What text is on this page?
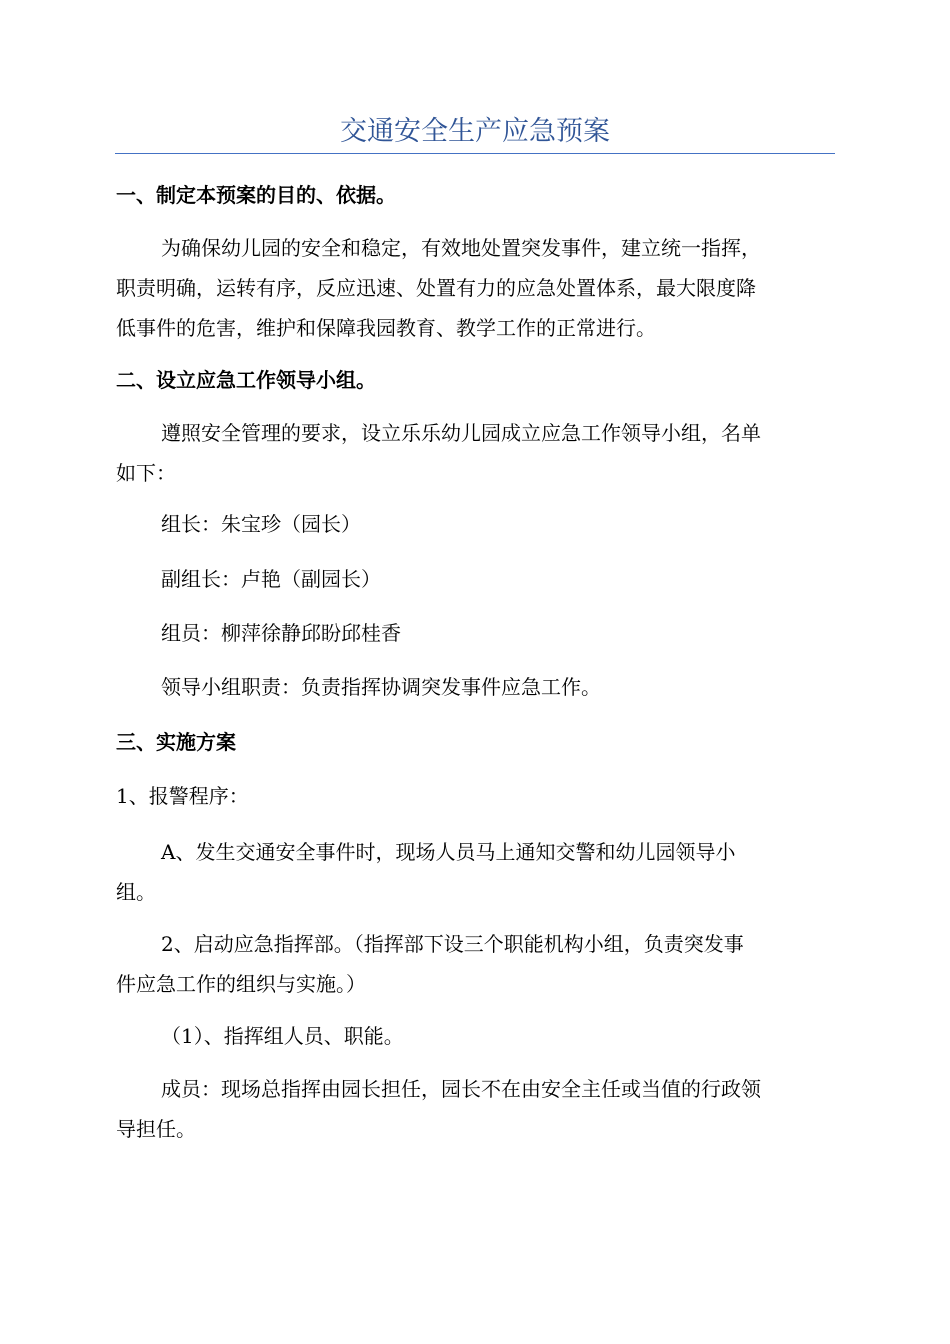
交通安全生产应急预案
一、制定本预案的目的、依据。
为确保幼儿园的安全和稳定，有效地处置突发事件，建立统一指挥，
职责明确，运转有序，反应迅速、处置有力的应急处置体系，最大限度降
低事件的危害，维护和保障我园教育、教学工作的正常进行。
二、设立应急工作领导小组。
遵照安全管理的要求，设立乐乐幼儿园成立应急工作领导小组，名单
如下：
组长：朱宝珍（园长）
副组长：卢艳（副园长）
组员：柳萍徐静邱盼邱桂香
领导小组职责：负责指挥协调突发事件应急工作。
三、实施方案
1、报警程序：
A、发生交通安全事件时，现场人员马上通知交警和幼儿园领导小
组。
2、启动应急指挥部。（指挥部下设三个职能机构小组，负责突发事
件应急工作的组织与实施。）
（1）、指挥组人员、职能。
成员：现场总指挥由园长担任，园长不在由安全主任或当值的行政领
导担任。
